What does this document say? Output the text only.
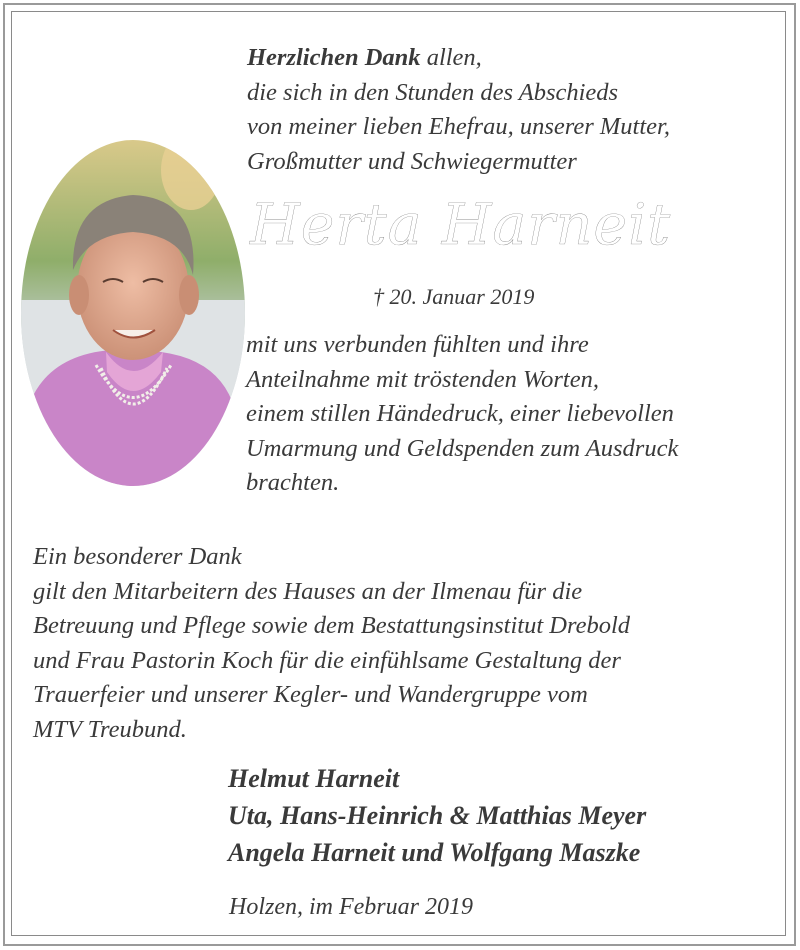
Herzlichen Dank allen,
die sich in den Stunden des Abschieds
von meiner lieben Ehefrau, unserer Mutter,
Großmutter und Schwiegermutter
Herta Harneit
† 20. Januar 2019
mit uns verbunden fühlten und ihre
Anteilnahme mit tröstenden Worten,
einem stillen Händedruck, einer liebevollen
Umarmung und Geldspenden zum Ausdruck
brachten.
Ein besonderer Dank
gilt den Mitarbeitern des Hauses an der Ilmenau für die
Betreuung und Pflege sowie dem Bestattungsinstitut Drebold
und Frau Pastorin Koch für die einfühlsame Gestaltung der
Trauerfeier und unserer Kegler- und Wandergruppe vom
MTV Treubund.
Helmut Harneit
Uta, Hans-Heinrich & Matthias Meyer
Angela Harneit und Wolfgang Maszke
Holzen, im Februar 2019
